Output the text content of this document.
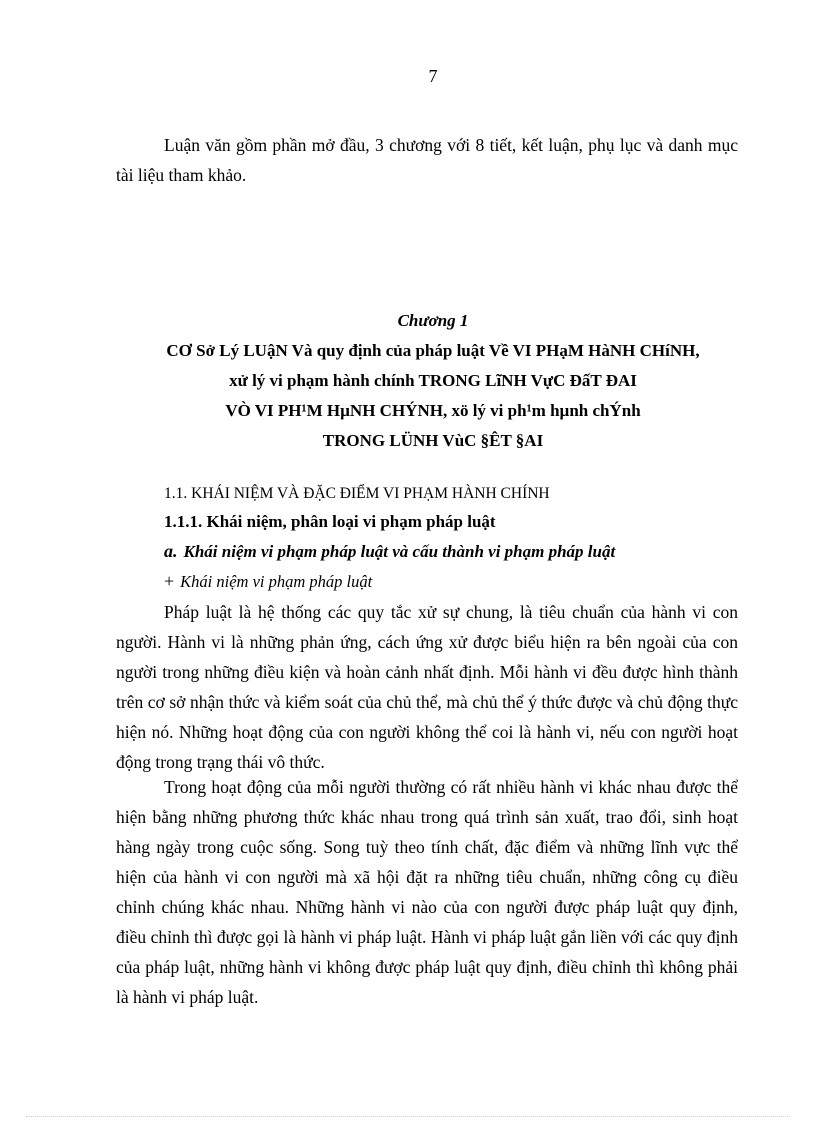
7

Luận văn gồm phần mở đầu, 3 chương với 8 tiết, kết luận, phụ lục và danh mục tài liệu tham khảo.

Chương 1
CƠ Sở Lý LUậN Và quy định của pháp luật Về VI PHạM HàNH CHíNH,
xử lý vi phạm hành chính TRONG LĩNH VựC ĐấT ĐAI
VÒ VI PH¹M HµNH CHÝNH, xö lý vi ph¹m hµnh chÝnh
TRONG LÜNH VùC §ÊT §AI
1.1. KHÁI NIỆM VÀ ĐẶC ĐIỂM VI PHẠM HÀNH CHÍNH
1.1.1. Khái niệm, phân loại vi phạm pháp luật
a. Khái niệm vi phạm pháp luật và cấu thành vi phạm pháp luật
+ Khái niệm vi phạm pháp luật

Pháp luật là hệ thống các quy tắc xử sự chung, là tiêu chuẩn của hành vi con người. Hành vi là những phản ứng, cách ứng xử được biểu hiện ra bên ngoài của con người trong những điều kiện và hoàn cảnh nhất định. Mỗi hành vi đều được hình thành trên cơ sở nhận thức và kiểm soát của chủ thể, mà chủ thể ý thức được và chủ động thực hiện nó. Những hoạt động của con người không thể coi là hành vi, nếu con người hoạt động trong trạng thái vô thức.

Trong hoạt động của mỗi người thường có rất nhiều hành vi khác nhau được thể hiện bằng những phương thức khác nhau trong quá trình sản xuất, trao đổi, sinh hoạt hàng ngày trong cuộc sống. Song tuỳ theo tính chất, đặc điểm và những lĩnh vực thể hiện của hành vi con người mà xã hội đặt ra những tiêu chuẩn, những công cụ điều chỉnh chúng khác nhau. Những hành vi nào của con người được pháp luật quy định, điều chỉnh thì được gọi là hành vi pháp luật. Hành vi pháp luật gắn liền với các quy định của pháp luật, những hành vi không được pháp luật quy định, điều chỉnh thì không phải là hành vi pháp luật.
